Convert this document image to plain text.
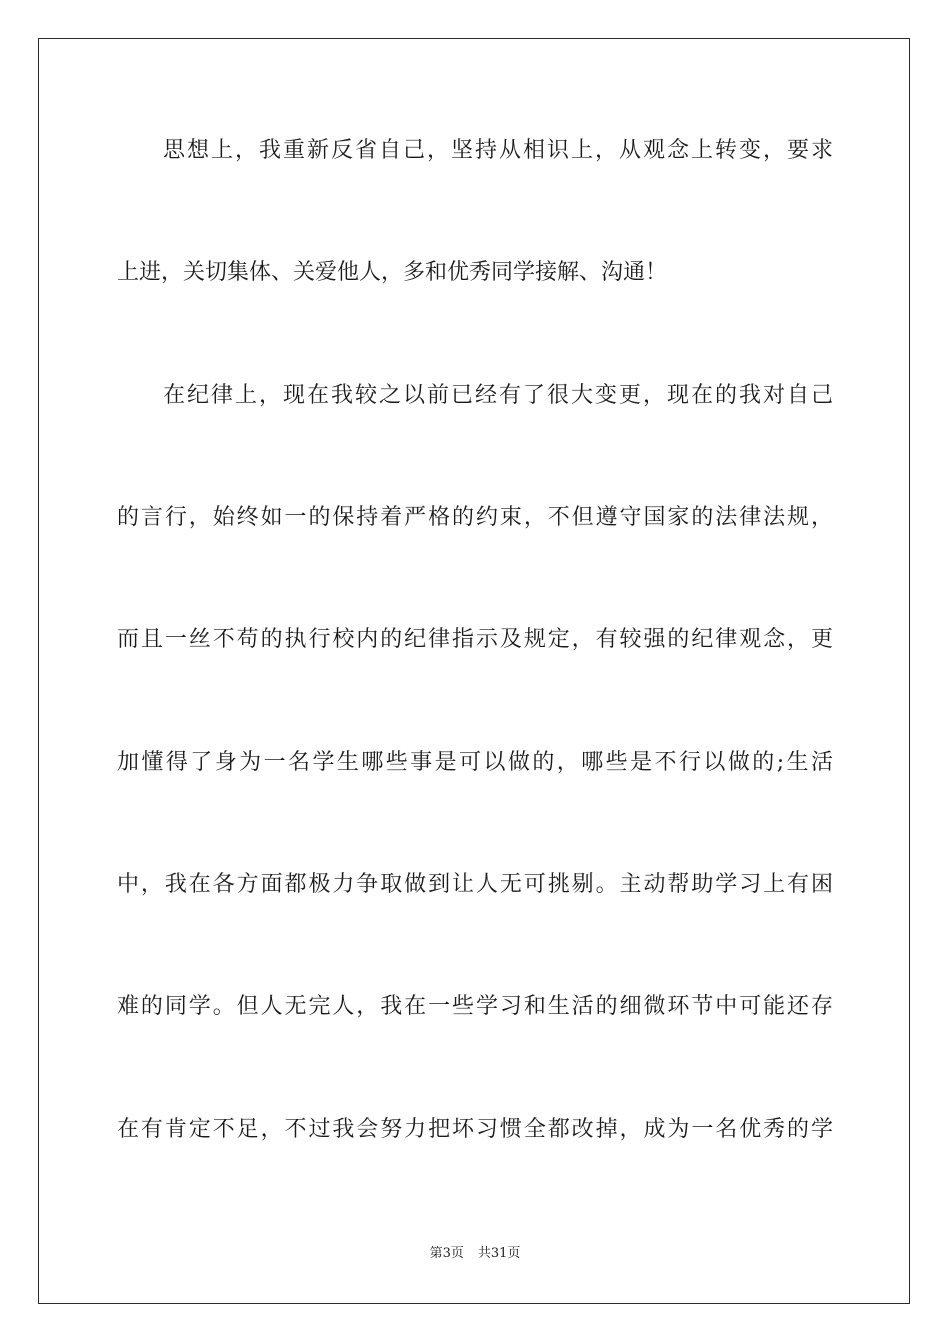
思想上，我重新反省自己，坚持从相识上，从观念上转变，要求
上进，关切集体、关爱他人，多和优秀同学接解、沟通！
在纪律上，现在我较之以前已经有了很大变更，现在的我对自己
的言行，始终如一的保持着严格的约束，不但遵守国家的法律法规，
而且一丝不苟的执行校内的纪律指示及规定，有较强的纪律观念，更
加懂得了身为一名学生哪些事是可以做的，哪些是不行以做的;生活
中，我在各方面都极力争取做到让人无可挑剔。主动帮助学习上有困
难的同学。但人无完人，我在一些学习和生活的细微环节中可能还存
在有肯定不足，不过我会努力把坏习惯全都改掉，成为一名优秀的学
第3页 共31页
